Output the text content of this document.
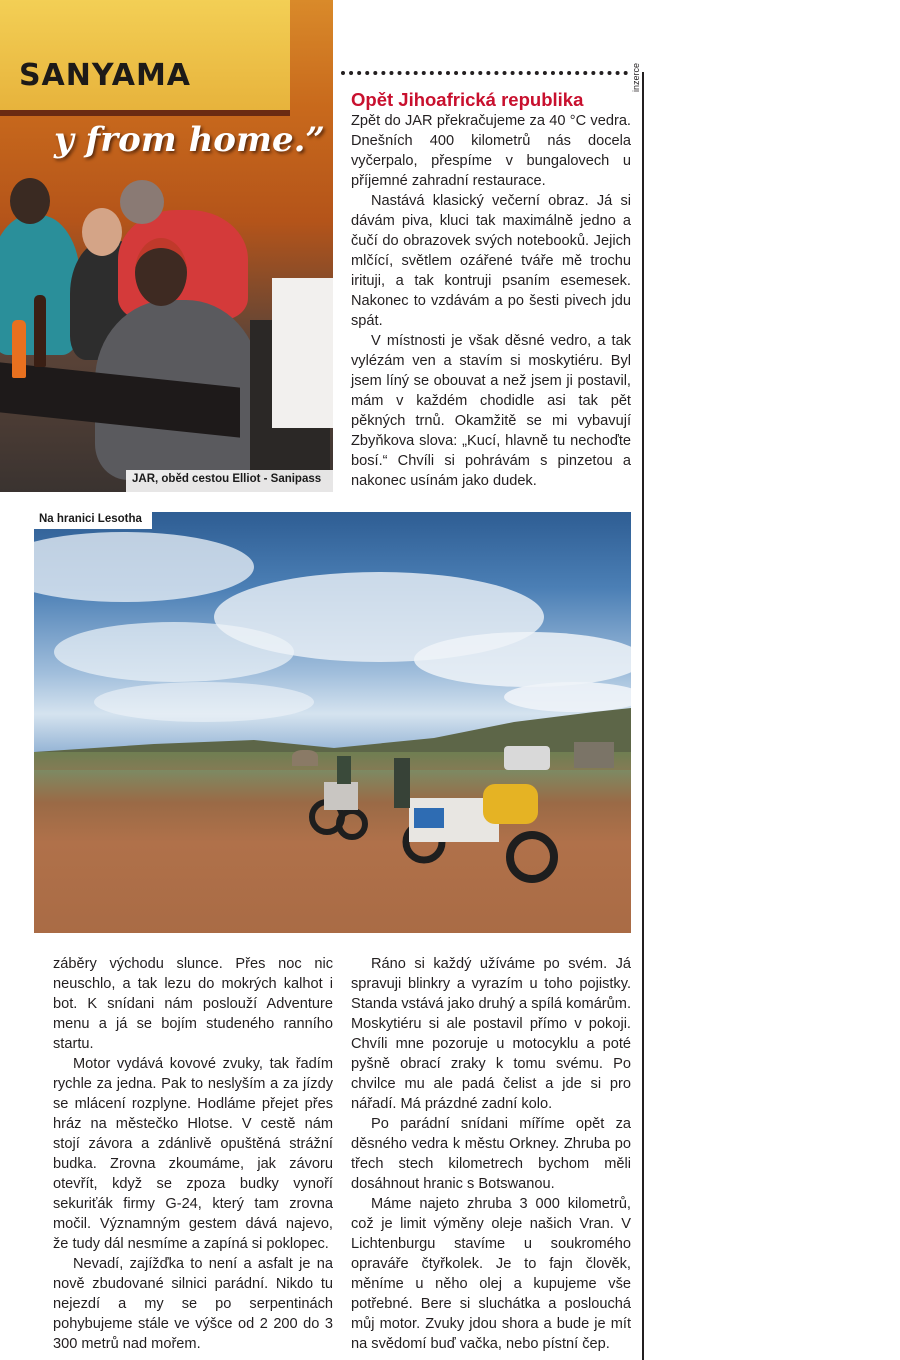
SANYAMA
y from home.”
JAR, oběd cestou Elliot - Sanipass
inzerce
Opět Jihoafrická republika

Zpět do JAR překračujeme za 40 °C vedra. Dnešních 400 kilometrů nás docela vyčerpalo, přespíme v bungalovech u příjemné zahradní restaurace.

Nastává klasický večerní obraz. Já si dávám piva, kluci tak maximálně jedno a čučí do obrazovek svých notebooků. Jejich mlčící, světlem ozářené tváře mě trochu irituji, a tak kontruji psaním esemesek. Nakonec to vzdávám a po šesti pivech jdu spát.

V místnosti je však děsné vedro, a tak vylézám ven a stavím si moskytiéru. Byl jsem líný se obouvat a než jsem ji postavil, mám v každém chodidle asi tak pět pěkných trnů. Okamžitě se mi vybavují Zbyňkova slova: „Kucí, hlavně tu nechoďte bosí.“ Chvíli si pohrávám s pinzetou a nakonec usínám jako dudek.

Na hranici Lesotha

záběry východu slunce. Přes noc nic neuschlo, a tak lezu do mokrých kalhot i bot. K snídani nám poslouží Adventure menu a já se bojím studeného ranního startu.

Motor vydává kovové zvuky, tak řadím rychle za jedna. Pak to neslyším a za jízdy se mlácení rozplyne. Hodláme přejet přes hráz na městečko Hlotse. V cestě nám stojí závora a zdánlivě opuštěná strážní budka. Zrovna zkoumáme, jak závoru otevřít, když se zpoza budky vynoří sekuriťák firmy G-24, který tam zrovna močil. Významným gestem dává najevo, že tudy dál nesmíme a zapíná si poklopec.

Nevadí, zajížďka to není a asfalt je na nově zbudované silnici parádní. Nikdo tu nejezdí a my se po serpentinách pohybujeme stále ve výšce od 2 200 do 3 300 metrů nad mořem.

Ráno si každý užíváme po svém. Já spravuji blinkry a vyrazím u toho pojistky. Standa vstává jako druhý a spílá komárům. Moskytiéru si ale postavil přímo v pokoji. Chvíli mne pozoruje u motocyklu a poté pyšně obrací zraky k tomu svému. Po chvilce mu ale padá čelist a jde si pro nářadí. Má prázdné zadní kolo.

Po parádní snídani míříme opět za děsného vedra k městu Orkney. Zhruba po třech stech kilometrech bychom měli dosáhnout hranic s Botswanou.

Máme najeto zhruba 3 000 kilometrů, což je limit výměny oleje našich Vran. V Lichtenburgu stavíme u soukromého opraváře čtyřkolek. Je to fajn člověk, měníme u něho olej a kupujeme vše potřebné. Bere si sluchátka a poslouchá můj motor. Zvuky jdou shora a bude je mít na svědomí buď vačka, nebo pístní čep.
